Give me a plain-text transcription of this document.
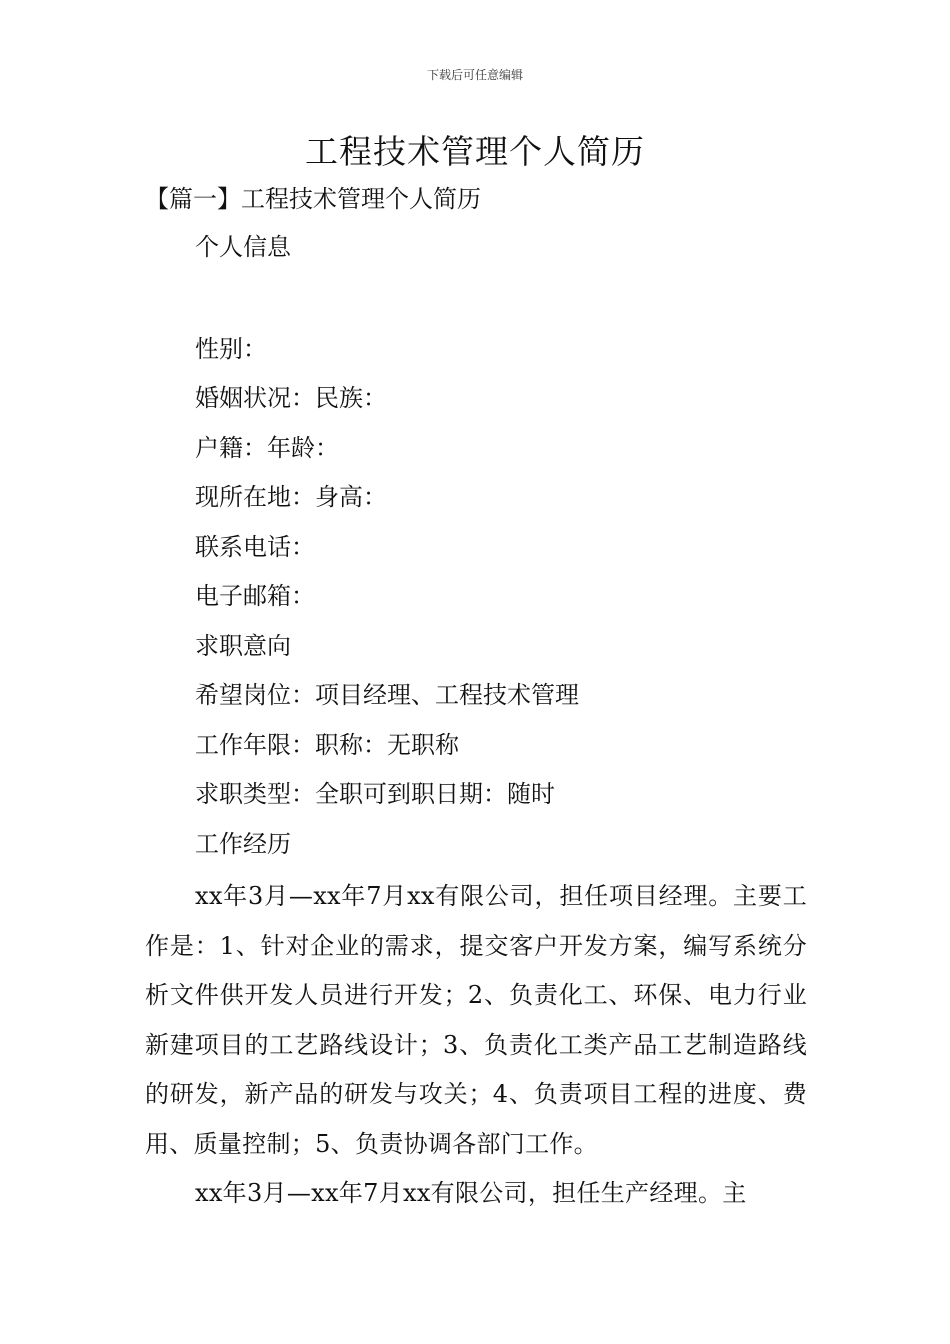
下载后可任意编辑
工程技术管理个人简历
【篇一】工程技术管理个人简历
个人信息
性别：
婚姻状况：民族：
户籍：年龄：
现所在地：身高：
联系电话：
电子邮箱：
求职意向
希望岗位：项目经理、工程技术管理
工作年限：职称：无职称
求职类型：全职可到职日期：随时
工作经历
xx年3月—xx年7月xx有限公司，担任项目经理。主要工作是：1、针对企业的需求，提交客户开发方案，编写系统分析文件供开发人员进行开发；2、负责化工、环保、电力行业新建项目的工艺路线设计；3、负责化工类产品工艺制造路线的研发，新产品的研发与攻关；4、负责项目工程的进度、费用、质量控制；5、负责协调各部门工作。
xx年3月—xx年7月xx有限公司，担任生产经理。主
